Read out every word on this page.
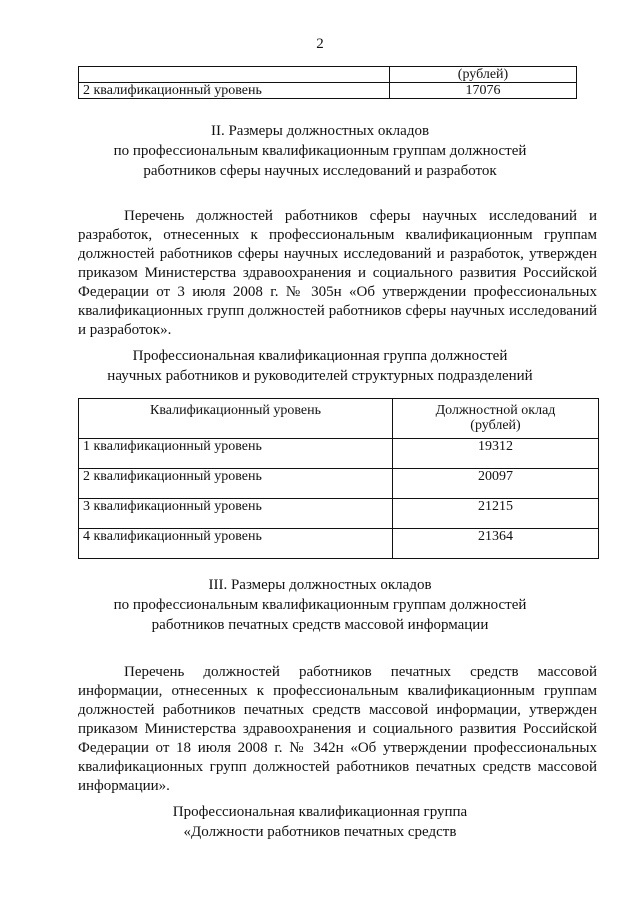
2
	(рублей)
2 квалификационный уровень	17076
II. Размеры должностных окладов
по профессиональным квалификационным группам должностей
работников сферы научных исследований и разработок

Перечень должностей работников сферы научных исследований и разработок, отнесенных к профессиональным квалификационным группам должностей работников сферы научных исследований и разработок, утвержден приказом Министерства здравоохранения и социального развития Российской Федерации от 3 июля 2008 г. № 305н «Об утверждении профессиональных квалификационных групп должностей работников сферы научных исследований и разработок».

Профессиональная квалификационная группа должностей
научных работников и руководителей структурных подразделений
Квалификационный уровень	Должностной оклад
(рублей)

1 квалификационный уровень	19312
2 квалификационный уровень	20097
3 квалификационный уровень	21215
4 квалификационный уровень	21364
III. Размеры должностных окладов
по профессиональным квалификационным группам должностей
работников печатных средств массовой информации

Перечень должностей работников печатных средств массовой информации, отнесенных к профессиональным квалификационным группам должностей работников печатных средств массовой информации, утвержден приказом Министерства здравоохранения и социального развития Российской Федерации от 18 июля 2008 г. № 342н «Об утверждении профессиональных квалификационных групп должностей работников печатных средств массовой информации».

Профессиональная квалификационная группа
«Должности работников печатных средств
